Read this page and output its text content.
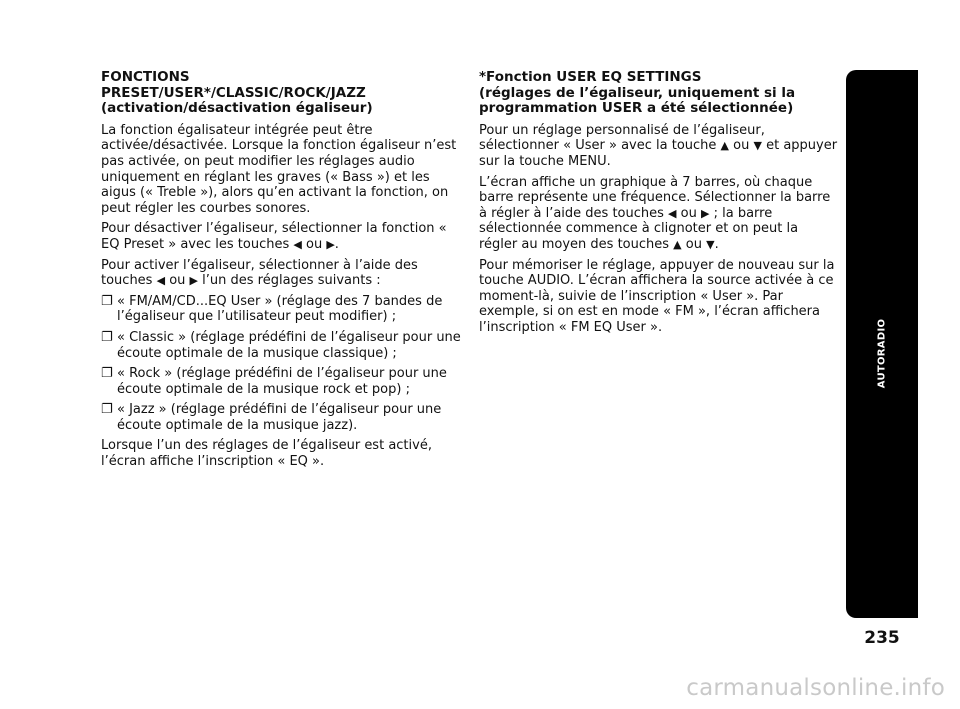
FONCTIONS
PRESET/USER*/CLASSIC/ROCK/JAZZ
(activation/désactivation égaliseur)

La fonction égalisateur intégrée peut être activée/désactivée. Lorsque la fonction égaliseur n’est pas activée, on peut modifier les réglages audio uniquement en réglant les graves (« Bass ») et les aigus (« Treble »), alors qu’en activant la fonction, on peut régler les courbes sonores.

Pour désactiver l’égaliseur, sélectionner la fonction « EQ Preset » avec les touches ◀ ou ▶.

Pour activer l’égaliseur, sélectionner à l’aide des touches ◀ ou ▶ l’un des réglages suivants :

❐ « FM/AM/CD...EQ User » (réglage des 7 bandes de l’égaliseur que l’utilisateur peut modifier) ;
❐ « Classic » (réglage prédéfini de l’égaliseur pour une écoute optimale de la musique classique) ;
❐ « Rock » (réglage prédéfini de l’égaliseur pour une écoute optimale de la musique rock et pop) ;
❐ « Jazz » (réglage prédéfini de l’égaliseur pour une écoute optimale de la musique jazz).

Lorsque l’un des réglages de l’égaliseur est activé, l’écran affiche l’inscription « EQ ».

*Fonction USER EQ SETTINGS
(réglages de l’égaliseur, uniquement si la
programmation USER a été sélectionnée)

Pour un réglage personnalisé de l’égaliseur, sélectionner « User » avec la touche ▲ ou ▼ et appuyer sur la touche MENU.

L’écran affiche un graphique à 7 barres, où chaque barre représente une fréquence. Sélectionner la barre à régler à l’aide des touches ◀ ou ▶ ; la barre sélectionnée commence à clignoter et on peut la régler au moyen des touches ▲ ou ▼.

Pour mémoriser le réglage, appuyer de nouveau sur la touche AUDIO. L’écran affichera la source activée à ce moment-là, suivie de l’inscription « User ». Par exemple, si on est en mode « FM », l’écran affichera l’inscription « FM EQ User ».	AUTORADIO
235
carmanualsonline.info
